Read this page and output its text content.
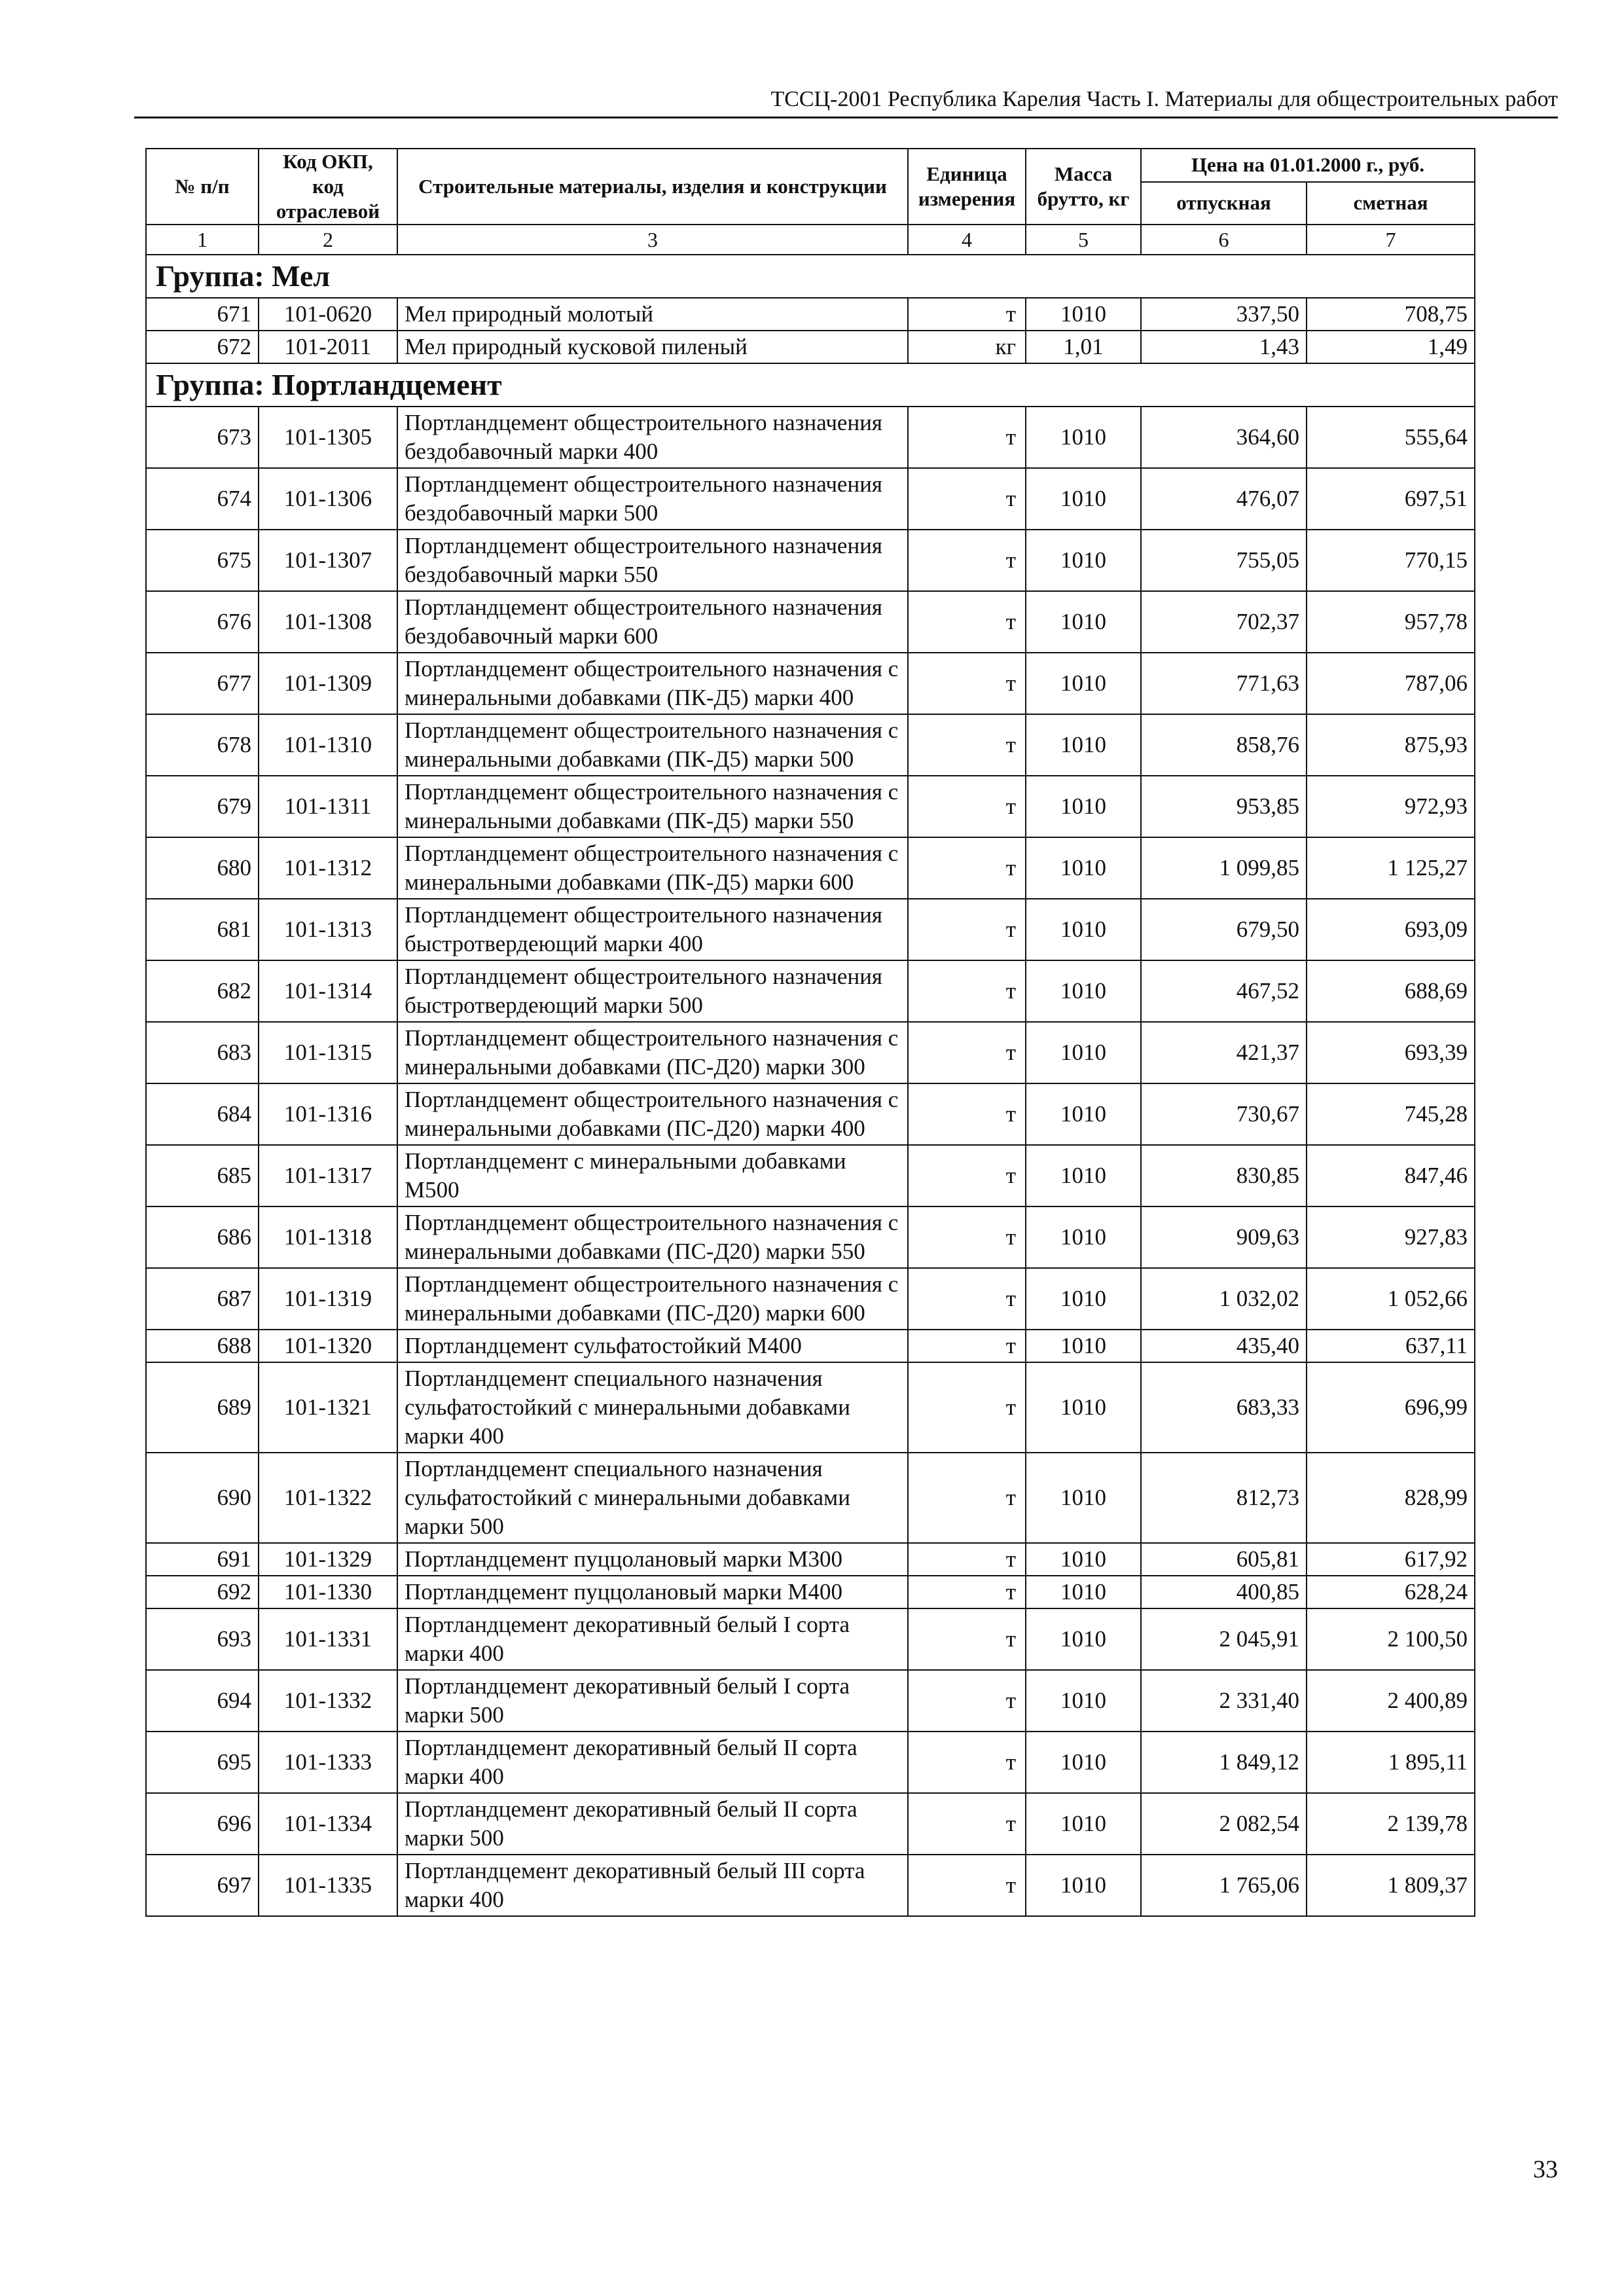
ТССЦ-2001 Республика Карелия Часть I. Материалы для общестроительных работ
№ п/п	Код ОКП, код отраслевой	Строительные материалы, изделия и конструкции	Единица измерения	Масса брутто, кг	Цена на 01.01.2000 г., руб.	
					отпускная	сметная
1	2	3	4	5	6	7
Группа: Мел						
671	101-0620	Мел природный молотый	т	1010	337,50	708,75
672	101-2011	Мел природный кусковой пиленый	кг	1,01	1,43	1,49
Группа: Портландцемент						
673	101-1305	Портландцемент общестроительного назначения бездобавочный марки 400	т	1010	364,60	555,64
674	101-1306	Портландцемент общестроительного назначения бездобавочный марки 500	т	1010	476,07	697,51
675	101-1307	Портландцемент общестроительного назначения бездобавочный марки 550	т	1010	755,05	770,15
676	101-1308	Портландцемент общестроительного назначения бездобавочный марки 600	т	1010	702,37	957,78
677	101-1309	Портландцемент общестроительного назначения с минеральными добавками (ПК-Д5) марки 400	т	1010	771,63	787,06
678	101-1310	Портландцемент общестроительного назначения с минеральными добавками (ПК-Д5) марки 500	т	1010	858,76	875,93
679	101-1311	Портландцемент общестроительного назначения с минеральными добавками (ПК-Д5) марки 550	т	1010	953,85	972,93
680	101-1312	Портландцемент общестроительного назначения с минеральными добавками (ПК-Д5) марки 600	т	1010	1 099,85	1 125,27
681	101-1313	Портландцемент общестроительного назначения быстротвердеющий марки 400	т	1010	679,50	693,09
682	101-1314	Портландцемент общестроительного назначения быстротвердеющий марки 500	т	1010	467,52	688,69
683	101-1315	Портландцемент общестроительного назначения с минеральными добавками (ПС-Д20) марки 300	т	1010	421,37	693,39
684	101-1316	Портландцемент общестроительного назначения с минеральными добавками (ПС-Д20) марки 400	т	1010	730,67	745,28
685	101-1317	Портландцемент с минеральными добавками М500	т	1010	830,85	847,46
686	101-1318	Портландцемент общестроительного назначения с минеральными добавками (ПС-Д20) марки 550	т	1010	909,63	927,83
687	101-1319	Портландцемент общестроительного назначения с минеральными добавками (ПС-Д20) марки 600	т	1010	1 032,02	1 052,66
688	101-1320	Портландцемент сульфатостойкий М400	т	1010	435,40	637,11
689	101-1321	Портландцемент специального назначения сульфатостойкий с минеральными добавками марки 400	т	1010	683,33	696,99
690	101-1322	Портландцемент специального назначения сульфатостойкий с минеральными добавками марки 500	т	1010	812,73	828,99
691	101-1329	Портландцемент пуццолановый марки М300	т	1010	605,81	617,92
692	101-1330	Портландцемент пуццолановый марки М400	т	1010	400,85	628,24
693	101-1331	Портландцемент декоративный белый I сорта марки 400	т	1010	2 045,91	2 100,50
694	101-1332	Портландцемент декоративный белый I сорта марки 500	т	1010	2 331,40	2 400,89
695	101-1333	Портландцемент декоративный белый II сорта марки 400	т	1010	1 849,12	1 895,11
696	101-1334	Портландцемент декоративный белый II сорта марки 500	т	1010	2 082,54	2 139,78
697	101-1335	Портландцемент декоративный белый III сорта марки 400	т	1010	1 765,06	1 809,37
33
